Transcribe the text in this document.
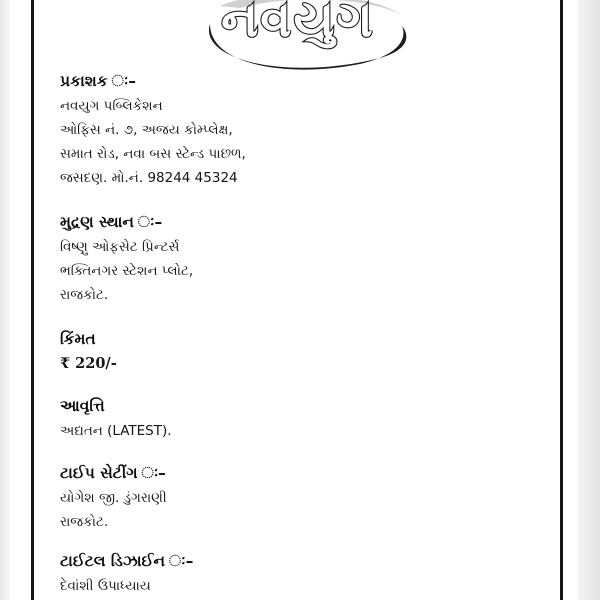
નવયુગ
પ્રકાશક ઃ–
નવયુગ પબ્લિકેશન
ઓફિસ નં. ૭, અજય કોમ્પ્લેક્ષ,
સમાત રોડ, નવા બસ સ્ટેન્ડ પાછળ,
જસદણ. મો.નં. 98244 45324
મુદ્રણ સ્થાન ઃ–
વિષ્ણુ ઓફસેટ પ્રિન્ટર્સ
ભક્તિનગર સ્ટેશન પ્લોટ,
રાજકોટ.
કિંમત
₹ 220/-
આવૃત્તિ
અદ્યતન (LATEST).
ટાઈપ સેટીંગ ઃ–
યોગેશ જી. ડુંગરાણી
રાજકોટ.
ટાઈટલ ડિઝાઈન ઃ–
દેવાંશી ઉપાધ્યાય
